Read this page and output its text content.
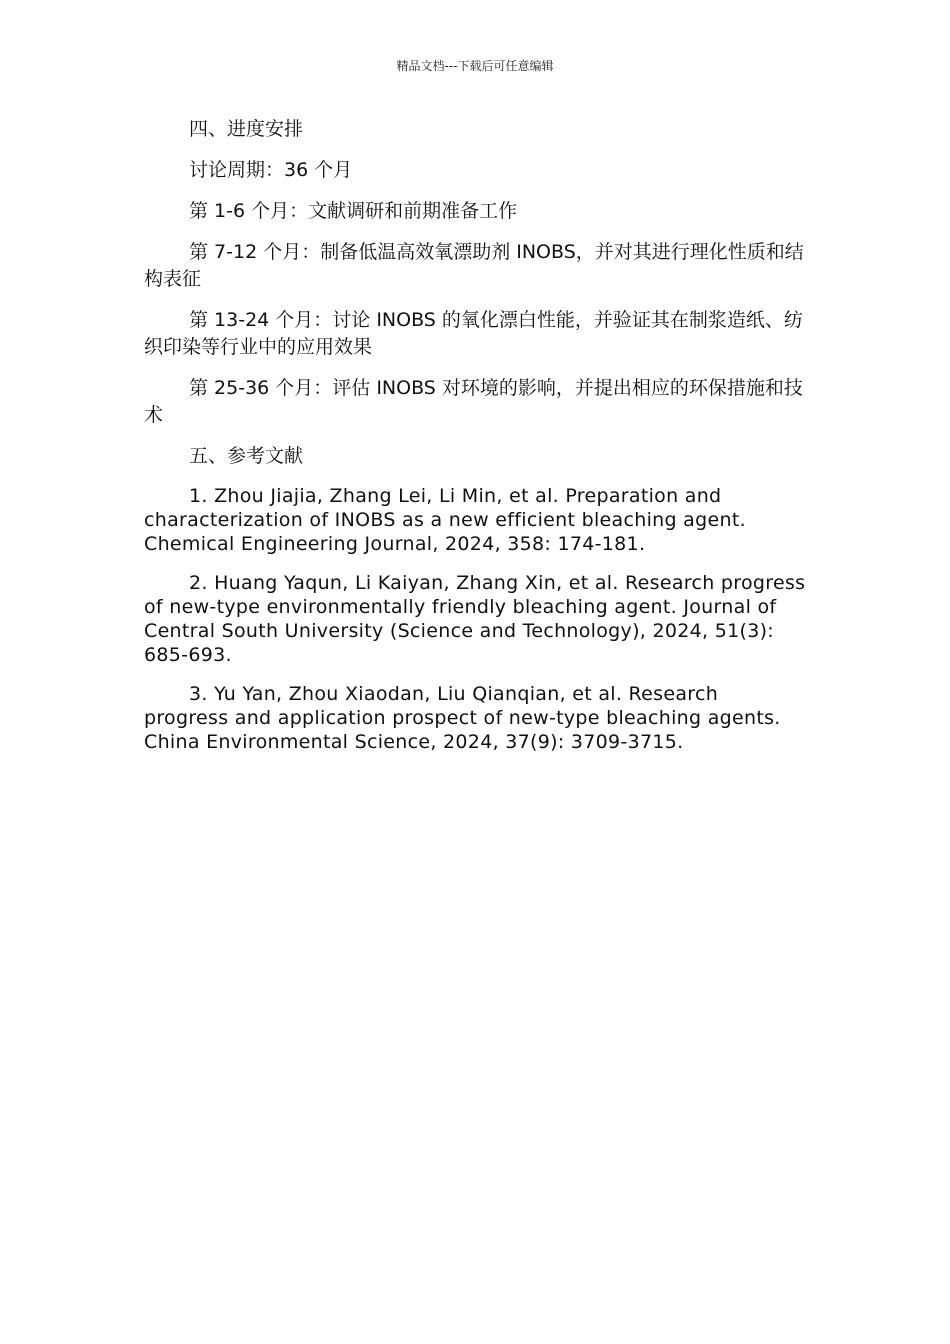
精品文档---下载后可任意编辑

四、进度安排

讨论周期：36 个月

第 1-6 个月：文献调研和前期准备工作

第 7-12 个月：制备低温高效氧漂助剂 INOBS，并对其进行理化性质和结构表征

第 13-24 个月：讨论 INOBS 的氧化漂白性能，并验证其在制浆造纸、纺织印染等行业中的应用效果

第 25-36 个月：评估 INOBS 对环境的影响，并提出相应的环保措施和技术

五、参考文献

1. Zhou Jiajia, Zhang Lei, Li Min, et al. Preparation and characterization of INOBS as a new efficient bleaching agent. Chemical Engineering Journal, 2024, 358: 174-181.

2. Huang Yaqun, Li Kaiyan, Zhang Xin, et al. Research progress of new-type environmentally friendly bleaching agent. Journal of Central South University (Science and Technology), 2024, 51(3): 685-693.

3. Yu Yan, Zhou Xiaodan, Liu Qianqian, et al. Research progress and application prospect of new-type bleaching agents. China Environmental Science, 2024, 37(9): 3709-3715.
